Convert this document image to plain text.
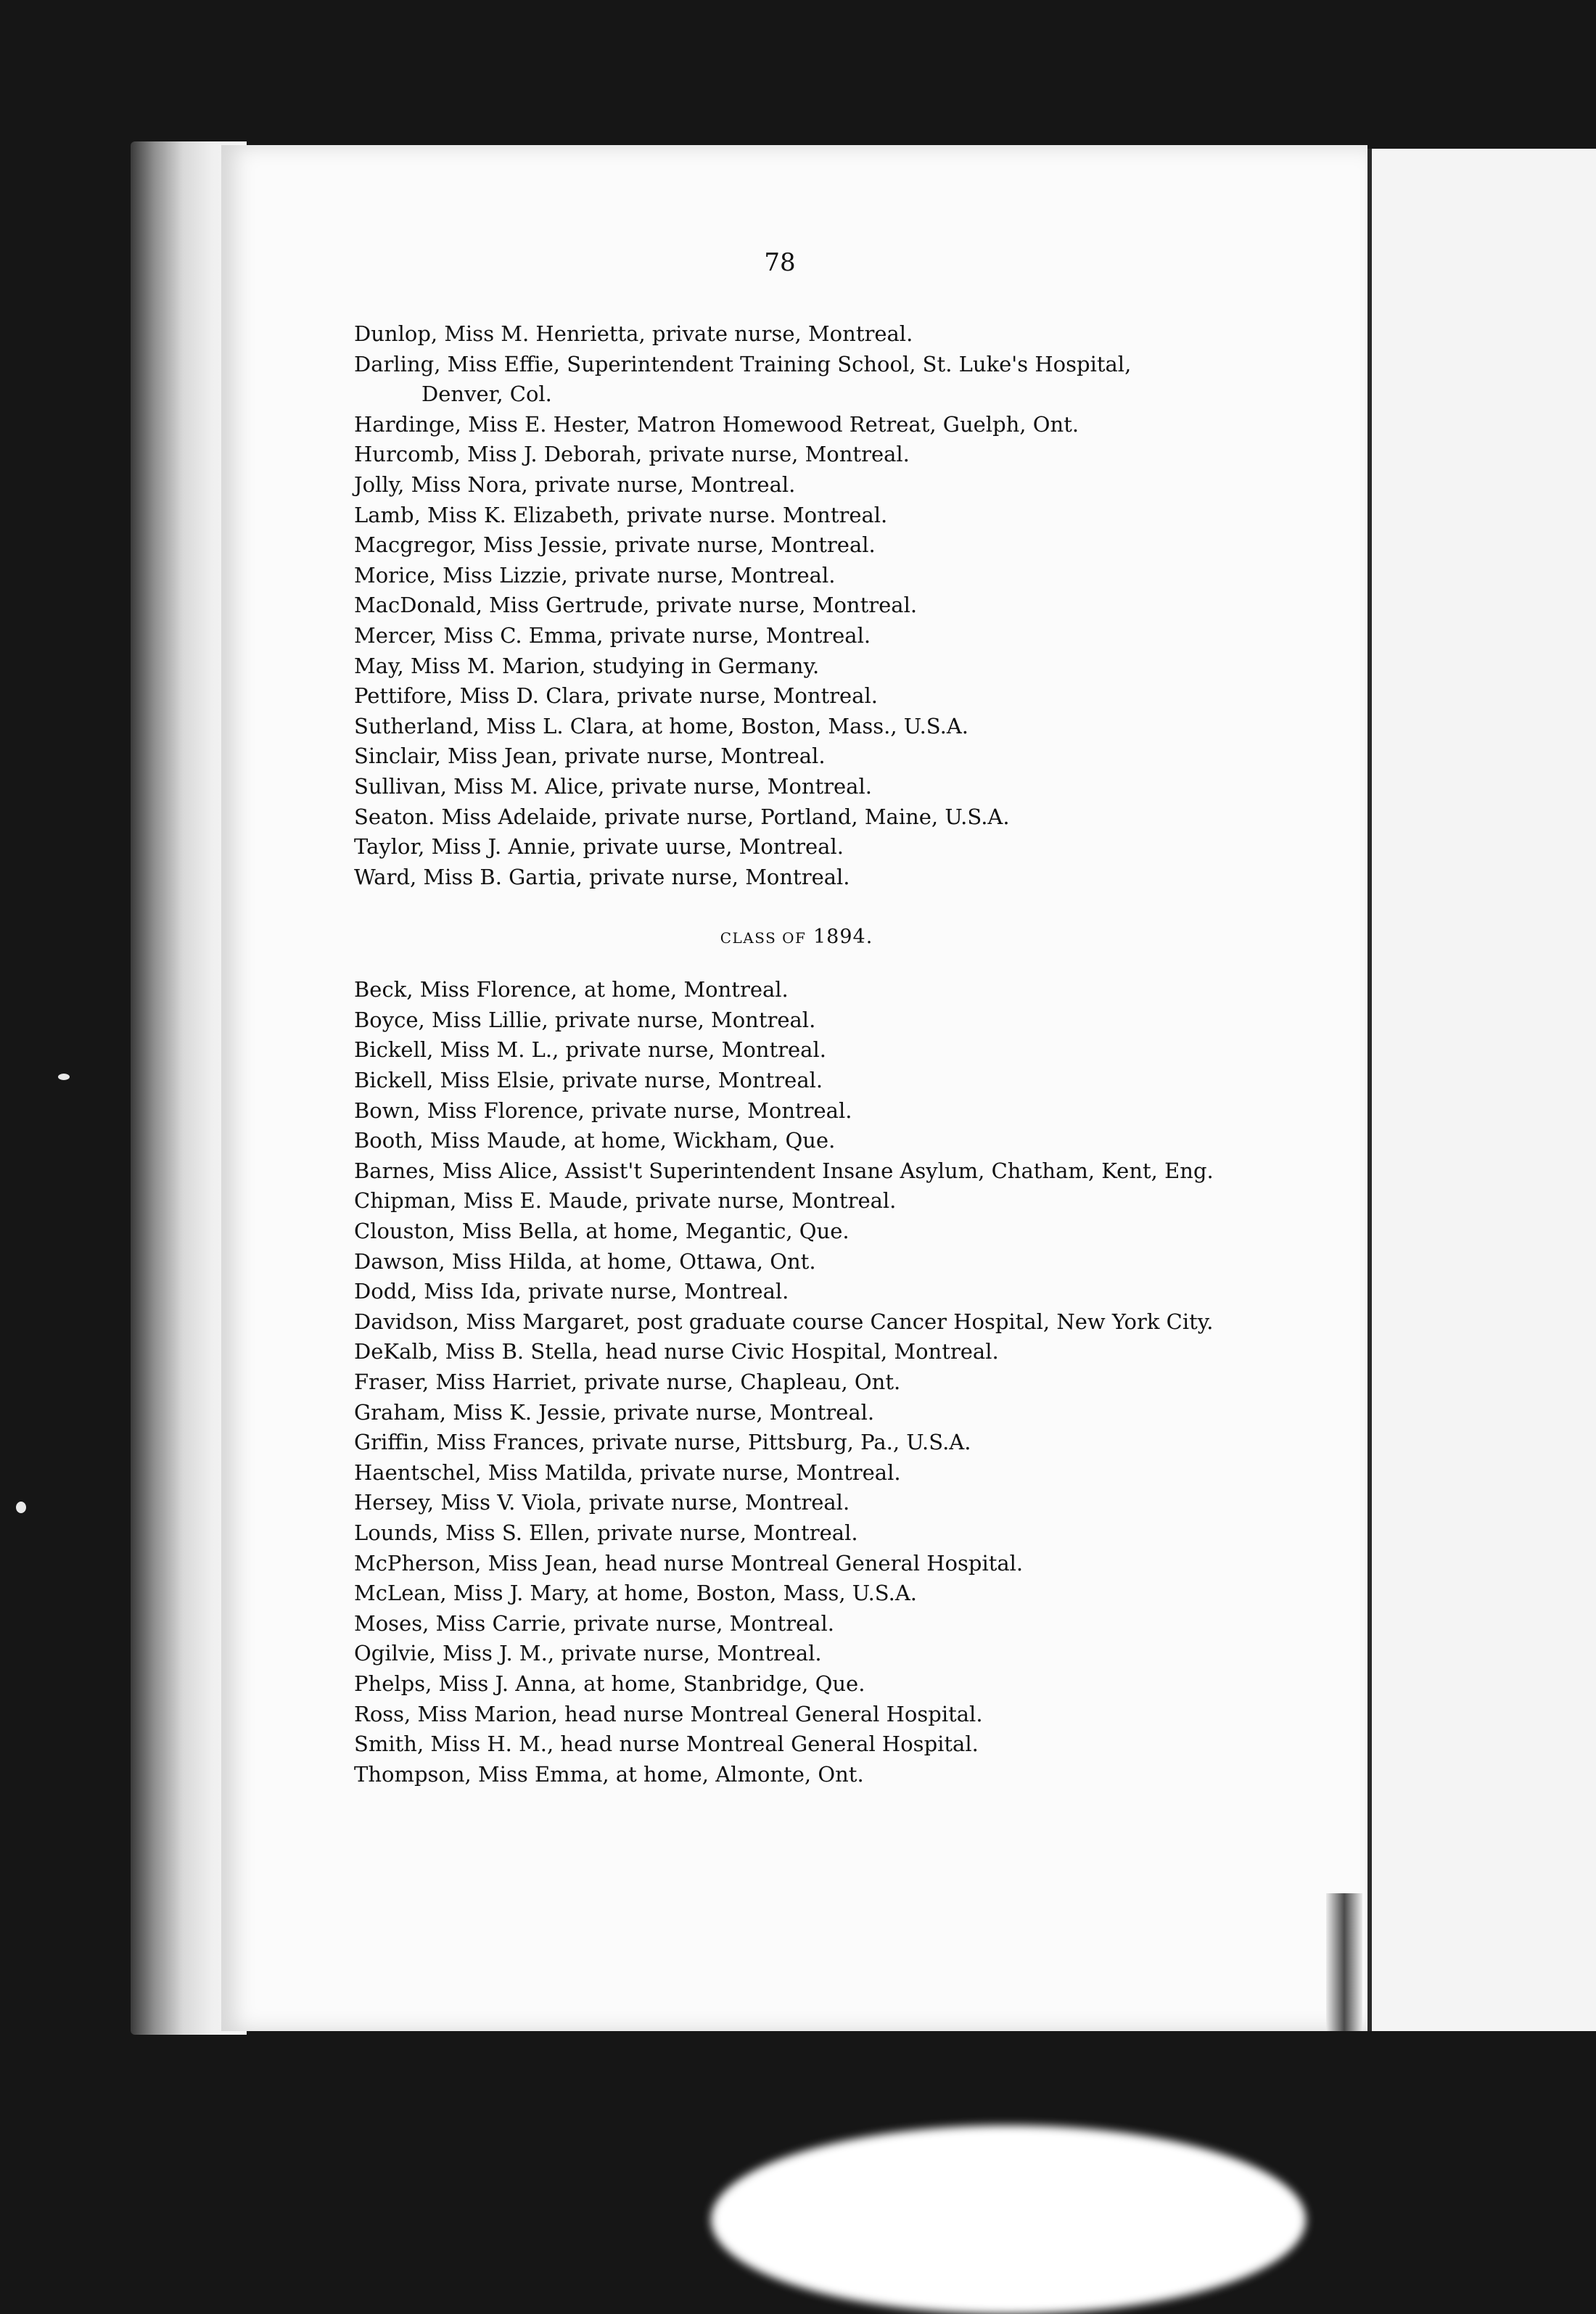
78
Dunlop, Miss M. Henrietta, private nurse, Montreal.
Darling, Miss Effie, Superintendent Training School, St. Luke's Hospital,
Denver, Col.
Hardinge, Miss E. Hester, Matron Homewood Retreat, Guelph, Ont.
Hurcomb, Miss J. Deborah, private nurse, Montreal.
Jolly, Miss Nora, private nurse, Montreal.
Lamb, Miss K. Elizabeth, private nurse. Montreal.
Macgregor, Miss Jessie, private nurse, Montreal.
Morice, Miss Lizzie, private nurse, Montreal.
MacDonald, Miss Gertrude, private nurse, Montreal.
Mercer, Miss C. Emma, private nurse, Montreal.
May, Miss M. Marion, studying in Germany.
Pettifore, Miss D. Clara, private nurse, Montreal.
Sutherland, Miss L. Clara, at home, Boston, Mass., U.S.A.
Sinclair, Miss Jean, private nurse, Montreal.
Sullivan, Miss M. Alice, private nurse, Montreal.
Seaton. Miss Adelaide, private nurse, Portland, Maine, U.S.A.
Taylor, Miss J. Annie, private uurse, Montreal.
Ward, Miss B. Gartia, private nurse, Montreal.
CLASS OF 1894.
Beck, Miss Florence, at home, Montreal.
Boyce, Miss Lillie, private nurse, Montreal.
Bickell, Miss M. L., private nurse, Montreal.
Bickell, Miss Elsie, private nurse, Montreal.
Bown, Miss Florence, private nurse, Montreal.
Booth, Miss Maude, at home, Wickham, Que.
Barnes, Miss Alice, Assist't Superintendent Insane Asylum, Chatham, Kent, Eng.
Chipman, Miss E. Maude, private nurse, Montreal.
Clouston, Miss Bella, at home, Megantic, Que.
Dawson, Miss Hilda, at home, Ottawa, Ont.
Dodd, Miss Ida, private nurse, Montreal.
Davidson, Miss Margaret, post graduate course Cancer Hospital, New York City.
DeKalb, Miss B. Stella, head nurse Civic Hospital, Montreal.
Fraser, Miss Harriet, private nurse, Chapleau, Ont.
Graham, Miss K. Jessie, private nurse, Montreal.
Griffin, Miss Frances, private nurse, Pittsburg, Pa., U.S.A.
Haentschel, Miss Matilda, private nurse, Montreal.
Hersey, Miss V. Viola, private nurse, Montreal.
Lounds, Miss S. Ellen, private nurse, Montreal.
McPherson, Miss Jean, head nurse Montreal General Hospital.
McLean, Miss J. Mary, at home, Boston, Mass, U.S.A.
Moses, Miss Carrie, private nurse, Montreal.
Ogilvie, Miss J. M., private nurse, Montreal.
Phelps, Miss J. Anna, at home, Stanbridge, Que.
Ross, Miss Marion, head nurse Montreal General Hospital.
Smith, Miss H. M., head nurse Montreal General Hospital.
Thompson, Miss Emma, at home, Almonte, Ont.
